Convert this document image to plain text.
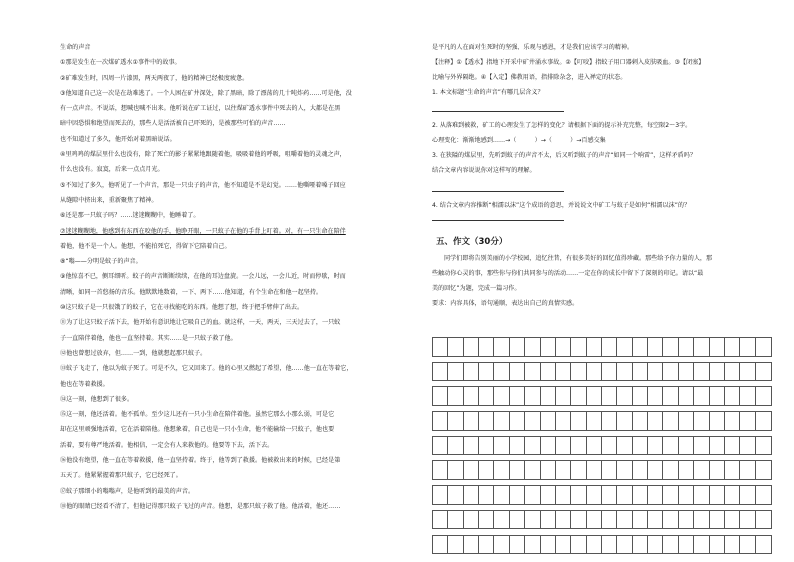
生命的声音
①那是发生在一次煤矿透水①事件中的故事。
②矿难发生时，四周一片漆黑，两天两夜了，他的精神已经极度疲惫。
③他知道自己这一次是在劫难逃了。一个人困在矿井深处，除了黑暗，除了漂荡的几十吨炸药……可是他，没
有一点声音。不说话，想喊也喊不出来。他听说在矿工证过，以往煤矿透水事件中死去的人，大都是在黑
暗中因恐惧和绝望而死去的，那些人是活活被自己吓死的，是被那些可怕的声音……
也不知道过了多久，他开始对着黑暗说话。
④里鸡鸡的煤层里什么也没有，除了死亡的影子紧紧地跟随着他，吸吸着他的呼吸，咀嚼着他的灵魂之声，
什么也没有。寂寞，后来一点点月光。
⑤不知过了多久，他听见了一个声音，那是一只虫子的声音，他不知道是不是幻觉。……他嘶哑着嗓子回应
从缝隙中挤出来，重新聚焦了精神。
⑥还是那一只蚊子吗？……迷迷糊糊中，他睡着了。
⑦迷迷糊糊地，他感到有东西在咬他的手，他睁开眼，一只蚊子在他的手背上叮着。对，有一只生命在陪伴
着他，他不是一个人。他想，不能拍死它，得留下它陪着自己。
⑧“嗡——分明是蚊子的声音。
⑨他惊喜不已，侧耳细听。蚊子的声音断断续续，在他的耳边盘旋。一会儿远，一会儿近，时而停歇，时而
清晰，如同一首悠扬的音乐。他默默地数着，一下、两下……他知道，有个生命在和他一起坚持。
⑩这只蚊子是一只很饿了的蚊子，它在寻找能吃的东西。他想了想，终于把手臂伸了出去。
⑪为了让这只蚊子活下去，他开始有意识地让它吸自己的血。就这样，一天，两天，三天过去了，一只蚊
子一直陪伴着他，他也一直坚持着。其实……是一只蚊子救了他。
⑫他也曾想过放弃，但……一到，他就想起那只蚊子。
⑬蚊子飞走了，他以为蚊子死了。可是不久，它又回来了。他的心里又燃起了希望，他……他一直在等着它，
他也在等着救援。
⑭这一刻，他想到了很多。
⑮这一刻，他还活着。他不孤单。至少这儿还有一只小生命在陪伴着他。虽然它那么小那么弱，可是它
却在这里顽强地活着，它在活着陪他。他想象着，自己也是一只小生命，他不能输给一只蚊子，他也要
活着，要有尊严地活着。他相信，一定会有人来救他的。他要等下去，活下去。
⑯他没有绝望，他一直在等着救援，他一直坚持着。终于，他等到了救援。他被救出来的时候，已经是第
五天了。他紧紧握着那只蚊子，它已经死了。
⑰蚊子那细小的嗡嗡声，是他听到的最美的声音。
⑱他的眼睛已经看不清了，但他记得那只蚊子飞过的声音。他想，是那只蚊子救了他。他活着，他还……
是平凡的人在面对生死时的坚强、乐观与感恩，才是我们应该学习的精神。
【注释】①【透水】指地下开采中矿井涌水事故。②【叮咬】指蚊子用口器刺入皮肤吸血。③【闭塞】
比喻与外界隔绝。④【入定】佛教用语，指排除杂念，进入禅定的状态。
1. 本文标题“生命的声音”有哪几层含义？
2. 从落难到被救，矿工的心理发生了怎样的变化？请根据下面的提示补充完整，每空限2～3字。
心理变化：渐渐地感到……→（　　　）→（　　　）→百感交集
3. 在狭隘的煤层里，先听到蚊子的声音不太，后又听到蚊子的声音“如同一个响雷”，这样矛盾吗？
结合文章内容说说你对这样写的理解。
4. 结合文章内容推断“相濡以沫”这个成语的意思，并说说文中矿工与蚊子是如何“相濡以沫”的？
五、作文（30分）
同学们即将告别美丽的小学校园，追忆往昔，有很多美好的回忆值得珍藏。那些给予你力量的人，那
些触动你心灵的事，那些你与你们共同参与的活动……一定在你的成长中留下了深刻的印记。请以“最
美的回忆”为题，完成一篇习作。
要求：内容具体，语句通顺，表达出自己的真情实感。
